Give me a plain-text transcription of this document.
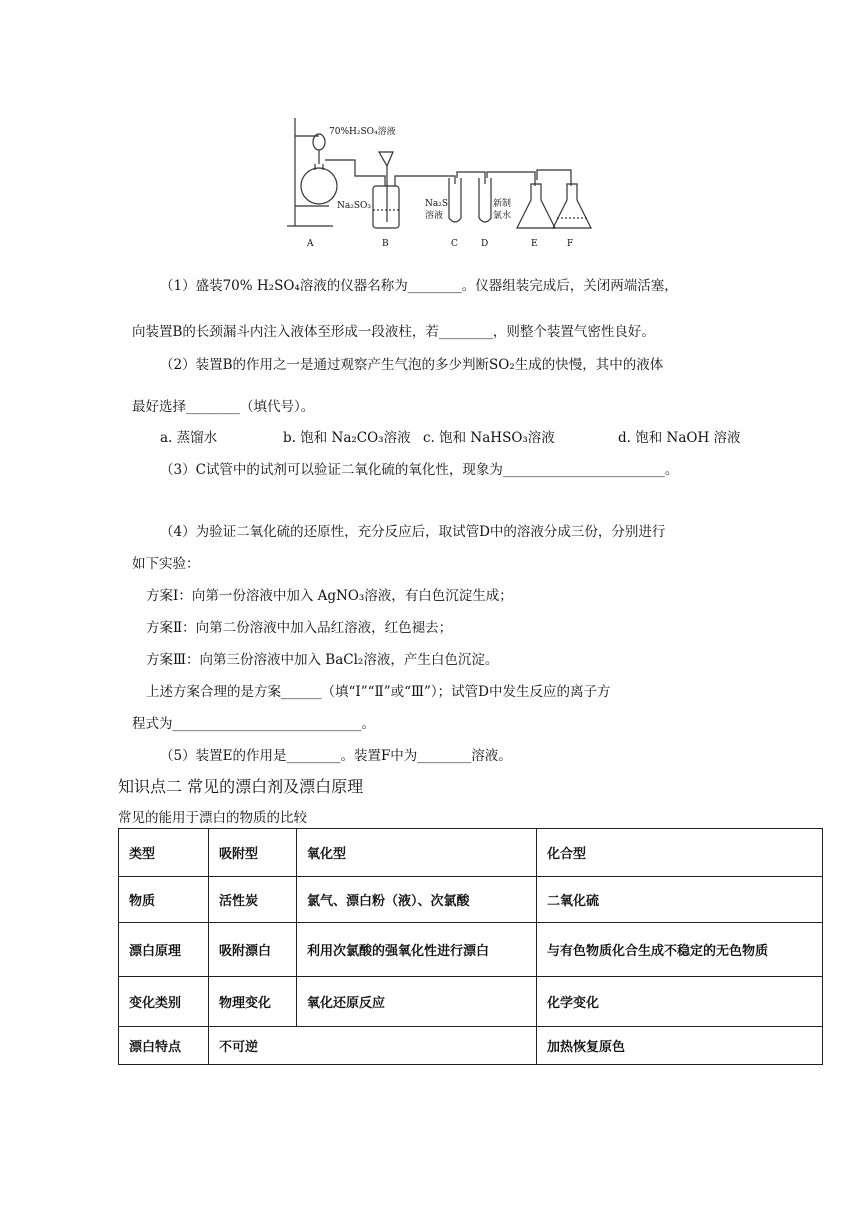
70%H₂SO₄溶液
Na₂SO₃	Na₂S
溶液
新制
氯水
A	B	C	D	E	F
（1）盛装70% H₂SO₄溶液的仪器名称为________。仪器组装完成后，关闭两端活塞，
向装置B的长颈漏斗内注入液体至形成一段液柱，若________，则整个装置气密性良好。
（2）装置B的作用之一是通过观察产生气泡的多少判断SO₂生成的快慢，其中的液体
最好选择________（填代号）。
a. 蒸馏水	b. 饱和 Na₂CO₃溶液 c. 饱和 NaHSO₃溶液	d. 饱和 NaOH 溶液
（3）C试管中的试剂可以验证二氧化硫的氧化性，现象为________________________。
（4）为验证二氧化硫的还原性，充分反应后，取试管D中的溶液分成三份，分别进行
如下实验：
方案Ⅰ：向第一份溶液中加入 AgNO₃溶液，有白色沉淀生成；
方案Ⅱ：向第二份溶液中加入品红溶液，红色褪去；
方案Ⅲ：向第三份溶液中加入 BaCl₂溶液，产生白色沉淀。
上述方案合理的是方案______（填“Ⅰ”“Ⅱ”或“Ⅲ”）；试管D中发生反应的离子方
程式为____________________________。
（5）装置E的作用是________。装置F中为________溶液。
知识点二 常见的漂白剂及漂白原理
常见的能用于漂白的物质的比较
类型	吸附型	氧化型	化合型
物质	活性炭	氯气、漂白粉（液）、次氯酸	二氧化硫
漂白原理	吸附漂白	利用次氯酸的强氧化性进行漂白	与有色物质化合生成不稳定的无色物质
变化类别	物理变化	氧化还原反应	化学变化
漂白特点	不可逆		加热恢复原色
